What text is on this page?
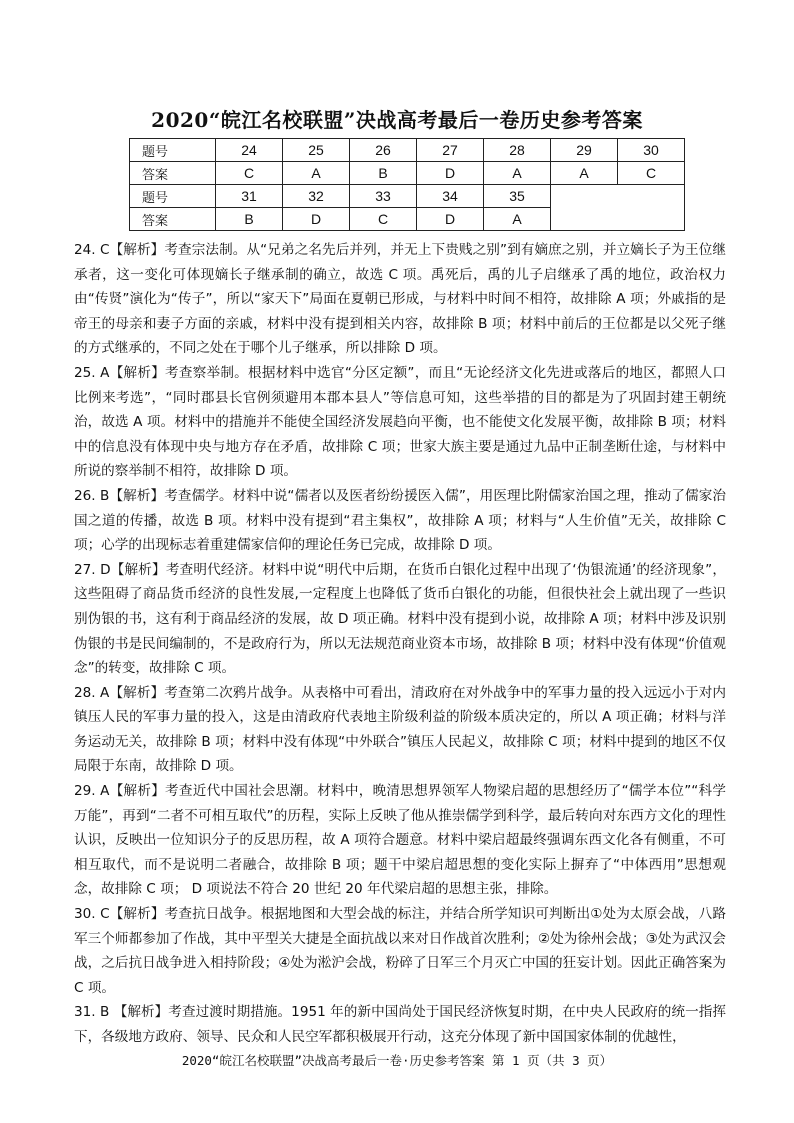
2020“皖江名校联盟”决战高考最后一卷历史参考答案
题号	24	25	26	27	28	29	30
答案	C	A	B	D	A	A	C
题号	31	32	33	34	35		
答案	B	D	C	D	A		

24. C【解析】考查宗法制。从“兄弟之名先后并列，并无上下贵贱之别”到有嫡庶之别，并立嫡长子为王位继承者，这一变化可体现嫡长子继承制的确立，故选 C 项。禹死后，禹的儿子启继承了禹的地位，政治权力由“传贤”演化为“传子”，所以“家天下”局面在夏朝已形成，与材料中时间不相符，故排除 A 项；外戚指的是帝王的母亲和妻子方面的亲戚，材料中没有提到相关内容，故排除 B 项；材料中前后的王位都是以父死子继的方式继承的，不同之处在于哪个儿子继承，所以排除 D 项。

25. A【解析】考查察举制。根据材料中选官“分区定额”，而且“无论经济文化先进或落后的地区，都照人口比例来考选”，“同时郡县长官例须避用本郡本县人”等信息可知，这些举措的目的都是为了巩固封建王朝统治，故选 A 项。材料中的措施并不能使全国经济发展趋向平衡，也不能使文化发展平衡，故排除 B 项；材料中的信息没有体现中央与地方存在矛盾，故排除 C 项；世家大族主要是通过九品中正制垄断仕途，与材料中所说的察举制不相符，故排除 D 项。

26. B【解析】考查儒学。材料中说“儒者以及医者纷纷援医入儒”，用医理比附儒家治国之理，推动了儒家治国之道的传播，故选 B 项。材料中没有提到“君主集权”，故排除 A 项；材料与“人生价值”无关，故排除 C 项；心学的出现标志着重建儒家信仰的理论任务已完成，故排除 D 项。

27. D【解析】考查明代经济。材料中说“明代中后期，在货币白银化过程中出现了‘伪银流通’的经济现象”，这些阻碍了商品货币经济的良性发展,一定程度上也降低了货币白银化的功能，但很快社会上就出现了一些识别伪银的书，这有利于商品经济的发展，故 D 项正确。材料中没有提到小说，故排除 A 项；材料中涉及识别伪银的书是民间编制的，不是政府行为，所以无法规范商业资本市场，故排除 B 项；材料中没有体现“价值观念”的转变，故排除 C 项。

28. A【解析】考查第二次鸦片战争。从表格中可看出，清政府在对外战争中的军事力量的投入远远小于对内镇压人民的军事力量的投入，这是由清政府代表地主阶级利益的阶级本质决定的，所以 A 项正确；材料与洋务运动无关，故排除 B 项；材料中没有体现“中外联合”镇压人民起义，故排除 C 项；材料中提到的地区不仅局限于东南，故排除 D 项。

29. A【解析】考查近代中国社会思潮。材料中，晚清思想界领军人物梁启超的思想经历了“儒学本位”“科学万能”，再到“二者不可相互取代”的历程，实际上反映了他从推崇儒学到科学，最后转向对东西方文化的理性认识，反映出一位知识分子的反思历程，故 A 项符合题意。材料中梁启超最终强调东西文化各有侧重，不可相互取代，而不是说明二者融合，故排除 B 项；题干中梁启超思想的变化实际上摒弃了“中体西用”思想观念，故排除 C 项； D 项说法不符合 20 世纪 20 年代梁启超的思想主张，排除。

30. C【解析】考查抗日战争。根据地图和大型会战的标注，并结合所学知识可判断出①处为太原会战，八路军三个师都参加了作战，其中平型关大捷是全面抗战以来对日作战首次胜利；②处为徐州会战；③处为武汉会战，之后抗日战争进入相持阶段；④处为淞沪会战，粉碎了日军三个月灭亡中国的狂妄计划。因此正确答案为 C 项。

31. B 【解析】考查过渡时期措施。1951 年的新中国尚处于国民经济恢复时期，在中央人民政府的统一指挥下，各级地方政府、领导、民众和人民空军都积极展开行动，这充分体现了新中国国家体制的优越性，

2020“皖江名校联盟”决战高考最后一卷·历史参考答案 第 1 页（共 3 页）
